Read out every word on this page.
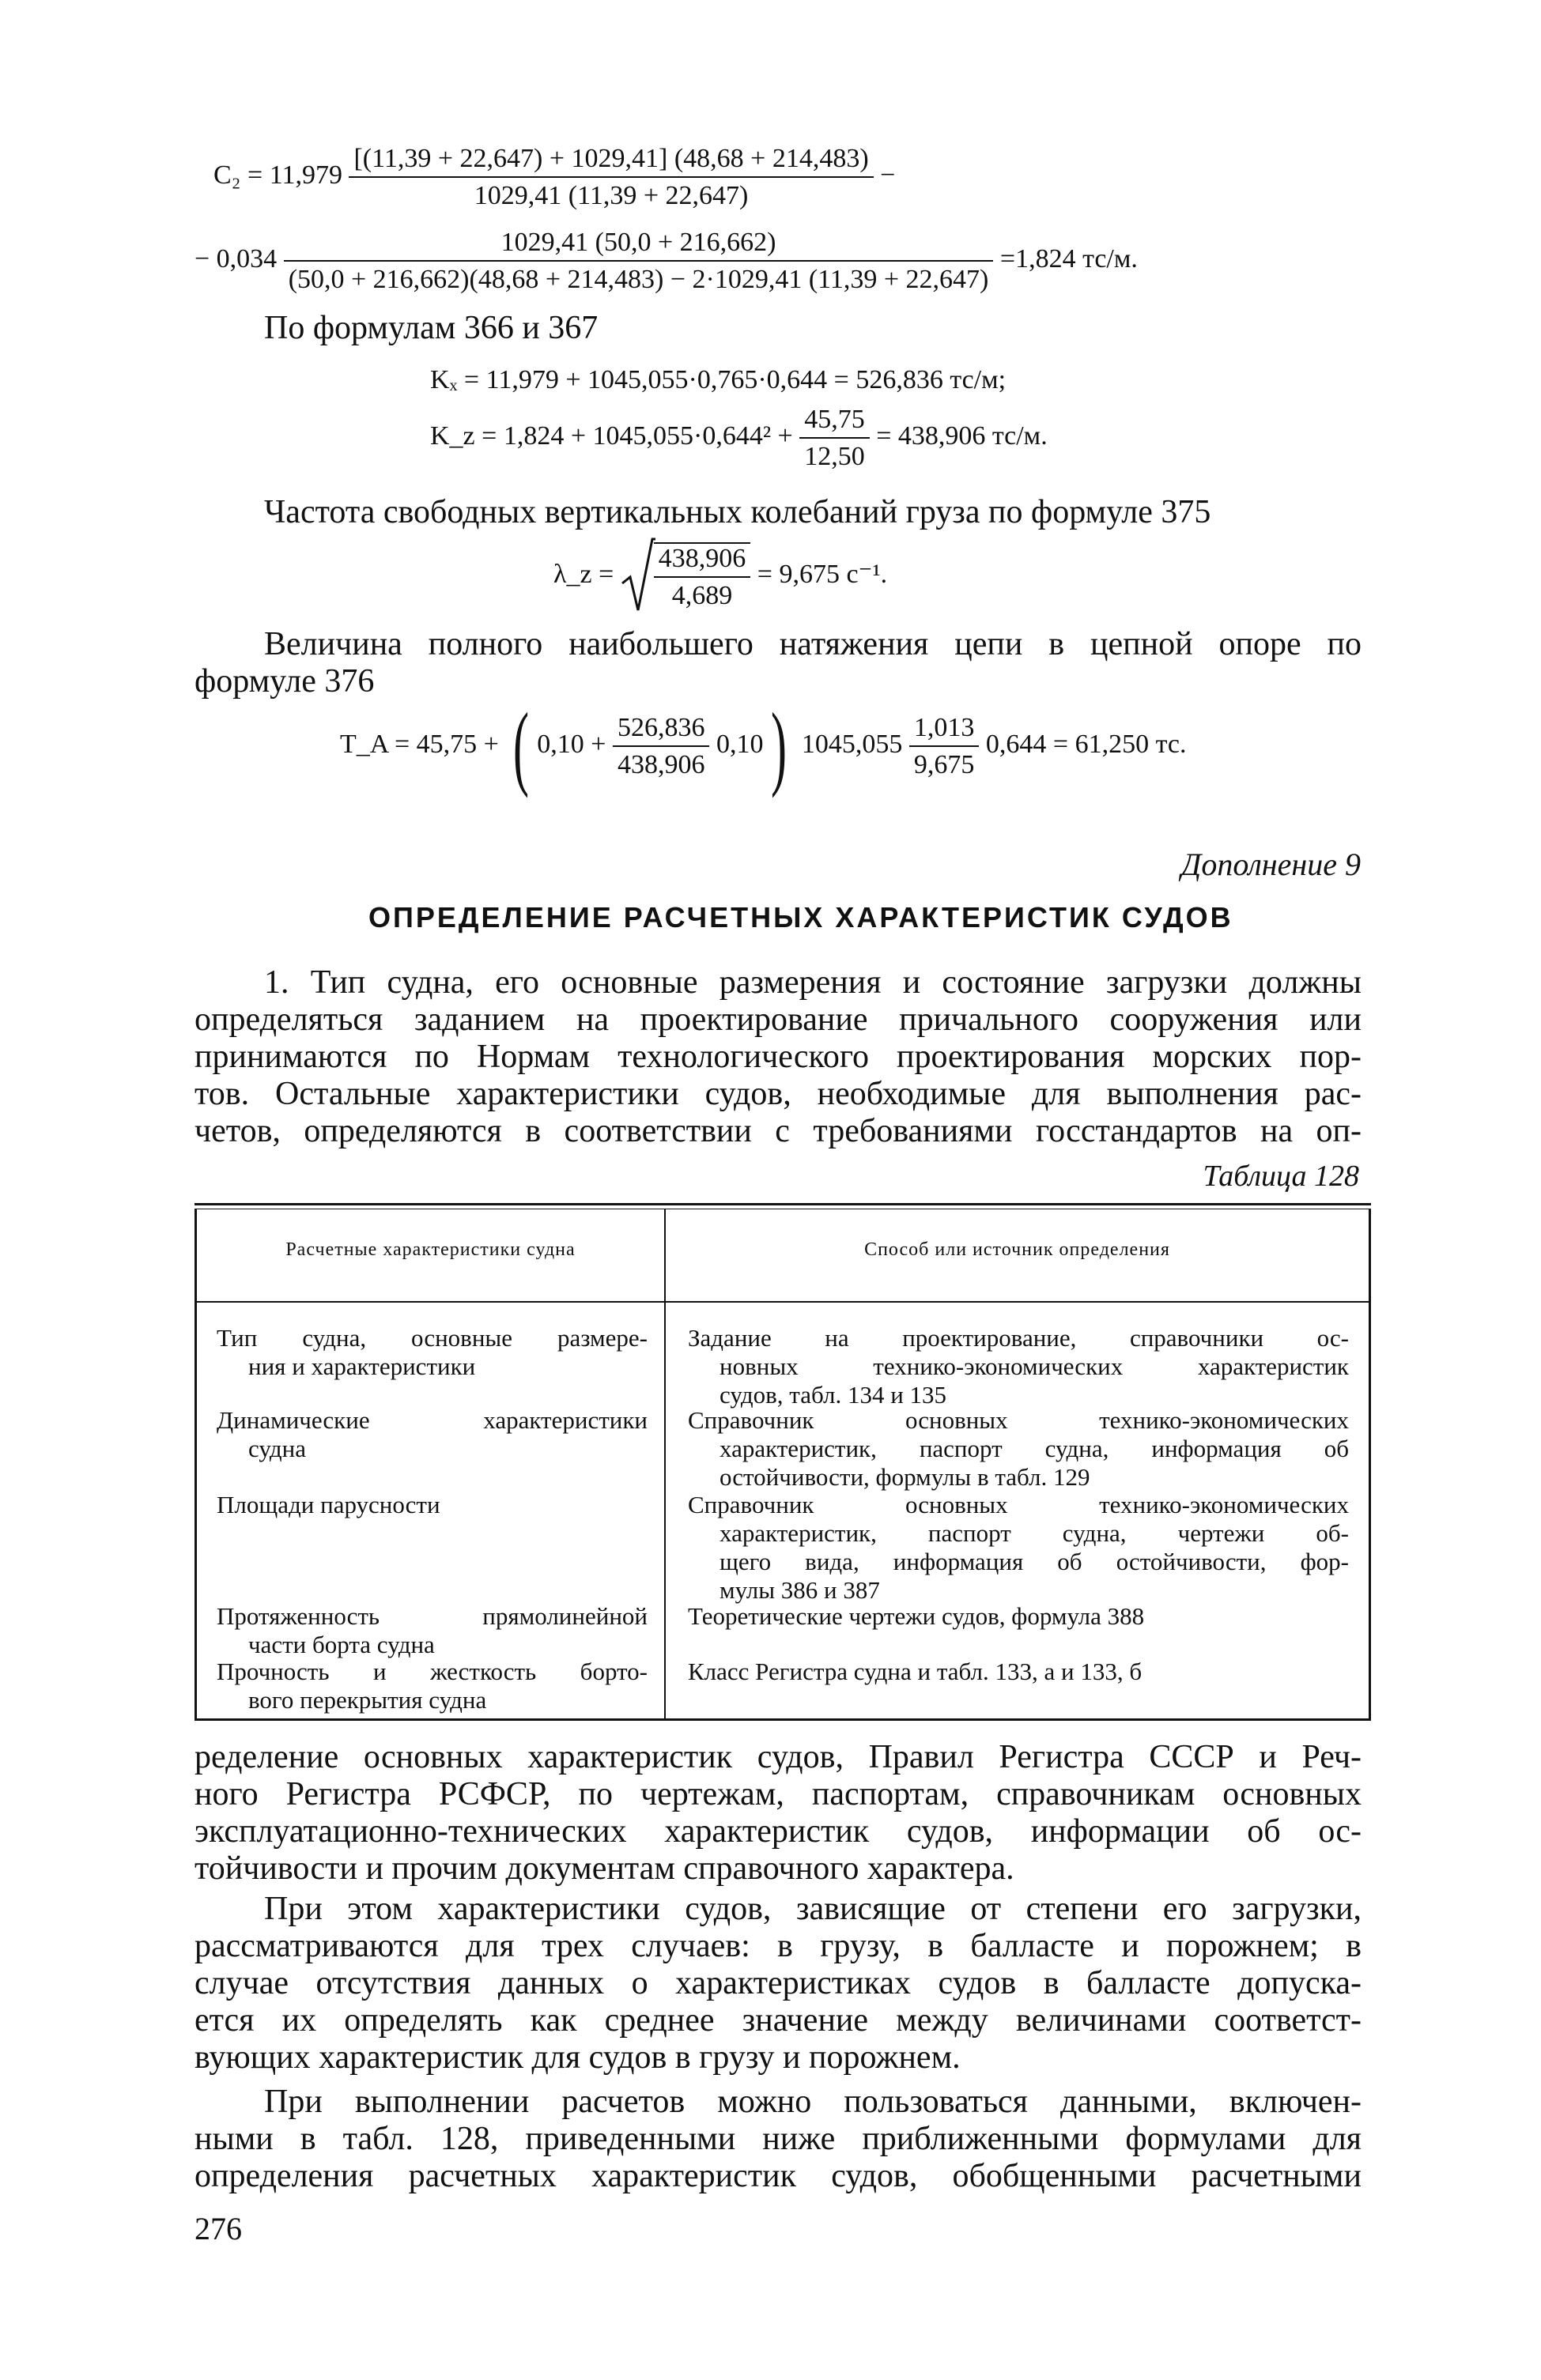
$C_2 = 11,979 \frac{[(11,39 + 22,647) + 1029,41] (48,68 + 214,483)}{1029,41 (11,39 + 22,647)}$ −
− 0,034
1029,41 (50,0 + 216,662)
(50,0 + 216,662)(48,68 + 214,483) − 2·1029,41 (11,39 + 22,647)
=1,824 тс/м.
По формулам 366 и 367
Kₓ = 11,979 + 1045,055·0,765·0,644 = 526,836 тс/м;
K_z = $1,824 + 1045,055\cdot 0,644^2 + \frac{45,75}{12,50} = 438,906$ тс/м.
Частота свободных вертикальных колебаний груза по формуле 375
λ_z = $\frac{438,906}{4,689} = 9,675$ с⁻¹.
Величина полного наибольшего натяжения цепи в цепной опоре по
формуле 376
T_A = 45,75 + ( $0,10 + \frac{526,836}{438,906} 0,10$) $1045,055 \frac{1,013}{9,675} 0,644 = 61,250$ тс.
Дополнение 9
ОПРЕДЕЛЕНИЕ РАСЧЕТНЫХ ХАРАКТЕРИСТИК СУДОВ
1. Тип судна, его основные размерения и состояние загрузки должны
определяться заданием на проектирование причального сооружения или
принимаются по Нормам технологического проектирования морских пор-
тов. Остальные характеристики судов, необходимые для выполнения рас-
четов, определяются в соответствии с требованиями госстандартов на оп-
Таблица 128
Расчетные характеристики судна	Способ или источник определения
Тип судна, основные размере-
ния и характеристики
Задание на проектирование, справочники ос-
новных технико-экономических характеристик
судов, табл. 134 и 135
Динамические характеристики
судна
Справочник основных технико-экономических
характеристик, паспорт судна, информация об
остойчивости, формулы в табл. 129
Площади парусности	Справочник основных технико-экономических
характеристик, паспорт судна, чертежи об-
щего вида, информация об остойчивости, фор-
мулы 386 и 387
Протяженность прямолинейной
части борта судна
Теоретические чертежи судов, формула 388
Прочность и жесткость борто-
вого перекрытия судна
Класс Регистра судна и табл. 133, а и 133, б
ределение основных характеристик судов, Правил Регистра СССР и Реч-
ного Регистра РСФСР, по чертежам, паспортам, справочникам основных
эксплуатационно-технических характеристик судов, информации об ос-
тойчивости и прочим документам справочного характера.
При этом характеристики судов, зависящие от степени его загрузки,
рассматриваются для трех случаев: в грузу, в балласте и порожнем; в
случае отсутствия данных о характеристиках судов в балласте допуска-
ется их определять как среднее значение между величинами соответст-
вующих характеристик для судов в грузу и порожнем.
При выполнении расчетов можно пользоваться данными, включен-
ными в табл. 128, приведенными ниже приближенными формулами для
определения расчетных характеристик судов, обобщенными расчетными
276
